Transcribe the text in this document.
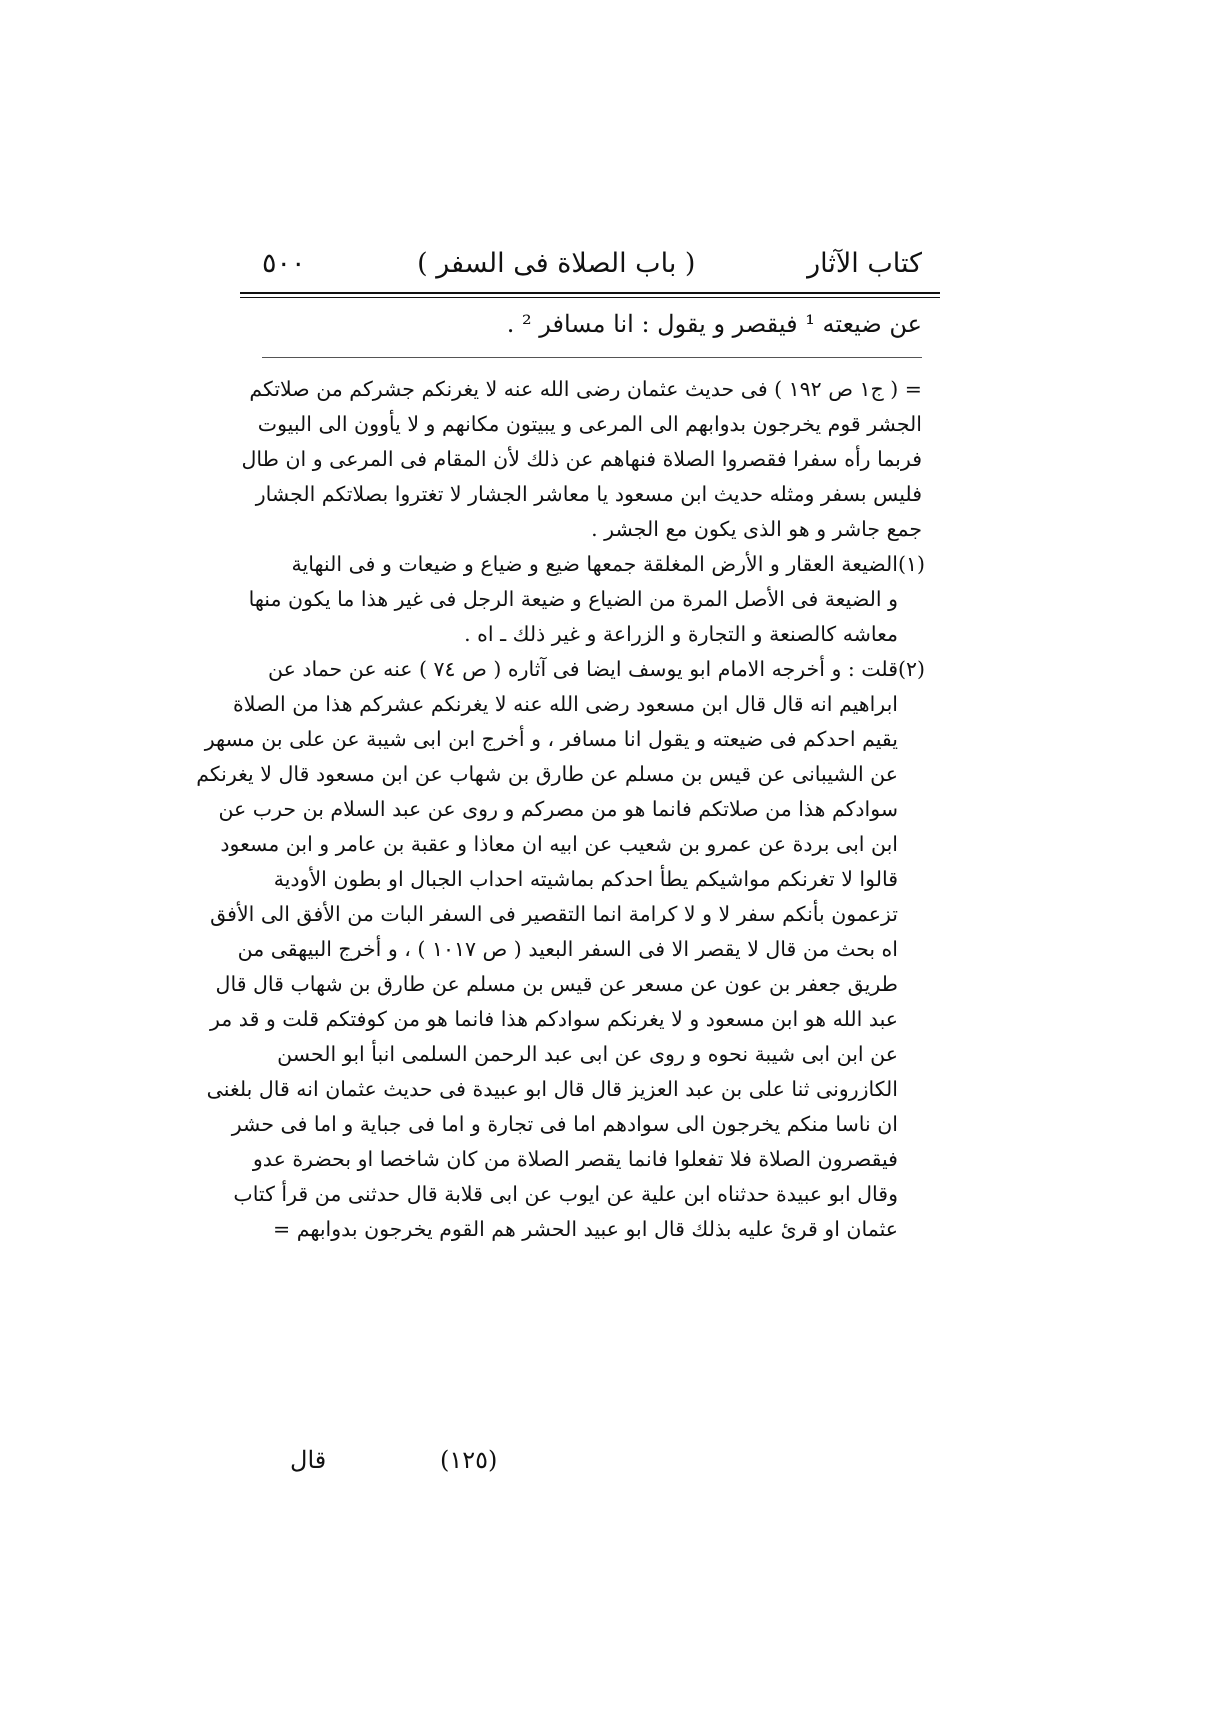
كتاب الآثار
( باب الصلاة فى السفر )
٥٠٠
عن ضيعته ¹ فيقصر و يقول : انا مسافر ² .
= ( ج١ ص ١٩٢ ) فى حديث عثمان رضى الله عنه لا يغرنكم جشركم من صلاتكم
الجشر قوم يخرجون بدوابهم الى المرعى و يبيتون مكانهم و لا يأوون الى البيوت
فربما رأه سفرا فقصروا الصلاة فنهاهم عن ذلك لأن المقام فى المرعى و ان طال
فليس بسفر ومثله حديث ابن مسعود يا معاشر الجشار لا تغتروا بصلاتكم الجشار
جمع جاشر و هو الذى يكون مع الجشر .
(١)
الضيعة العقار و الأرض المغلقة جمعها ضيع و ضياع و ضيعات و فى النهاية
و الضيعة فى الأصل المرة من الضياع و ضيعة الرجل فى غير هذا ما يكون منها
معاشه كالصنعة و التجارة و الزراعة و غير ذلك ـ اه .
(٢)
قلت : و أخرجه الامام ابو يوسف ايضا فى آثاره ( ص ٧٤ ) عنه عن حماد عن
ابراهيم انه قال قال ابن مسعود رضى الله عنه لا يغرنكم عشركم هذا من الصلاة
يقيم احدكم فى ضيعته و يقول انا مسافر ، و أخرج ابن ابى شيبة عن على بن مسهر
عن الشيبانى عن قيس بن مسلم عن طارق بن شهاب عن ابن مسعود قال لا يغرنكم
سوادكم هذا من صلاتكم فانما هو من مصركم و روى عن عبد السلام بن حرب عن
ابن ابى بردة عن عمرو بن شعيب عن ابيه ان معاذا و عقبة بن عامر و ابن مسعود
قالوا لا تغرنكم مواشيكم يطأ احدكم بماشيته احداب الجبال او بطون الأودية
تزعمون بأنكم سفر لا و لا كرامة انما التقصير فى السفر البات من الأفق الى الأفق
اه بحث من قال لا يقصر الا فى السفر البعيد ( ص ١٠١٧ ) ، و أخرج البيهقى من
طريق جعفر بن عون عن مسعر عن قيس بن مسلم عن طارق بن شهاب قال قال
عبد الله هو ابن مسعود و لا يغرنكم سوادكم هذا فانما هو من كوفتكم قلت و قد مر
عن ابن ابى شيبة نحوه و روى عن ابى عبد الرحمن السلمى انبأ ابو الحسن
الكازرونى ثنا على بن عبد العزيز قال قال ابو عبيدة فى حديث عثمان انه قال بلغنى
ان ناسا منكم يخرجون الى سوادهم اما فى تجارة و اما فى جباية و اما فى حشر
فيقصرون الصلاة فلا تفعلوا فانما يقصر الصلاة من كان شاخصا او بحضرة عدو
وقال ابو عبيدة حدثناه ابن علية عن ايوب عن ابى قلابة قال حدثنى من قرأ كتاب
عثمان او قرئ عليه بذلك قال ابو عبيد الحشر هم القوم يخرجون بدوابهم =
(١٢٥)
قال
